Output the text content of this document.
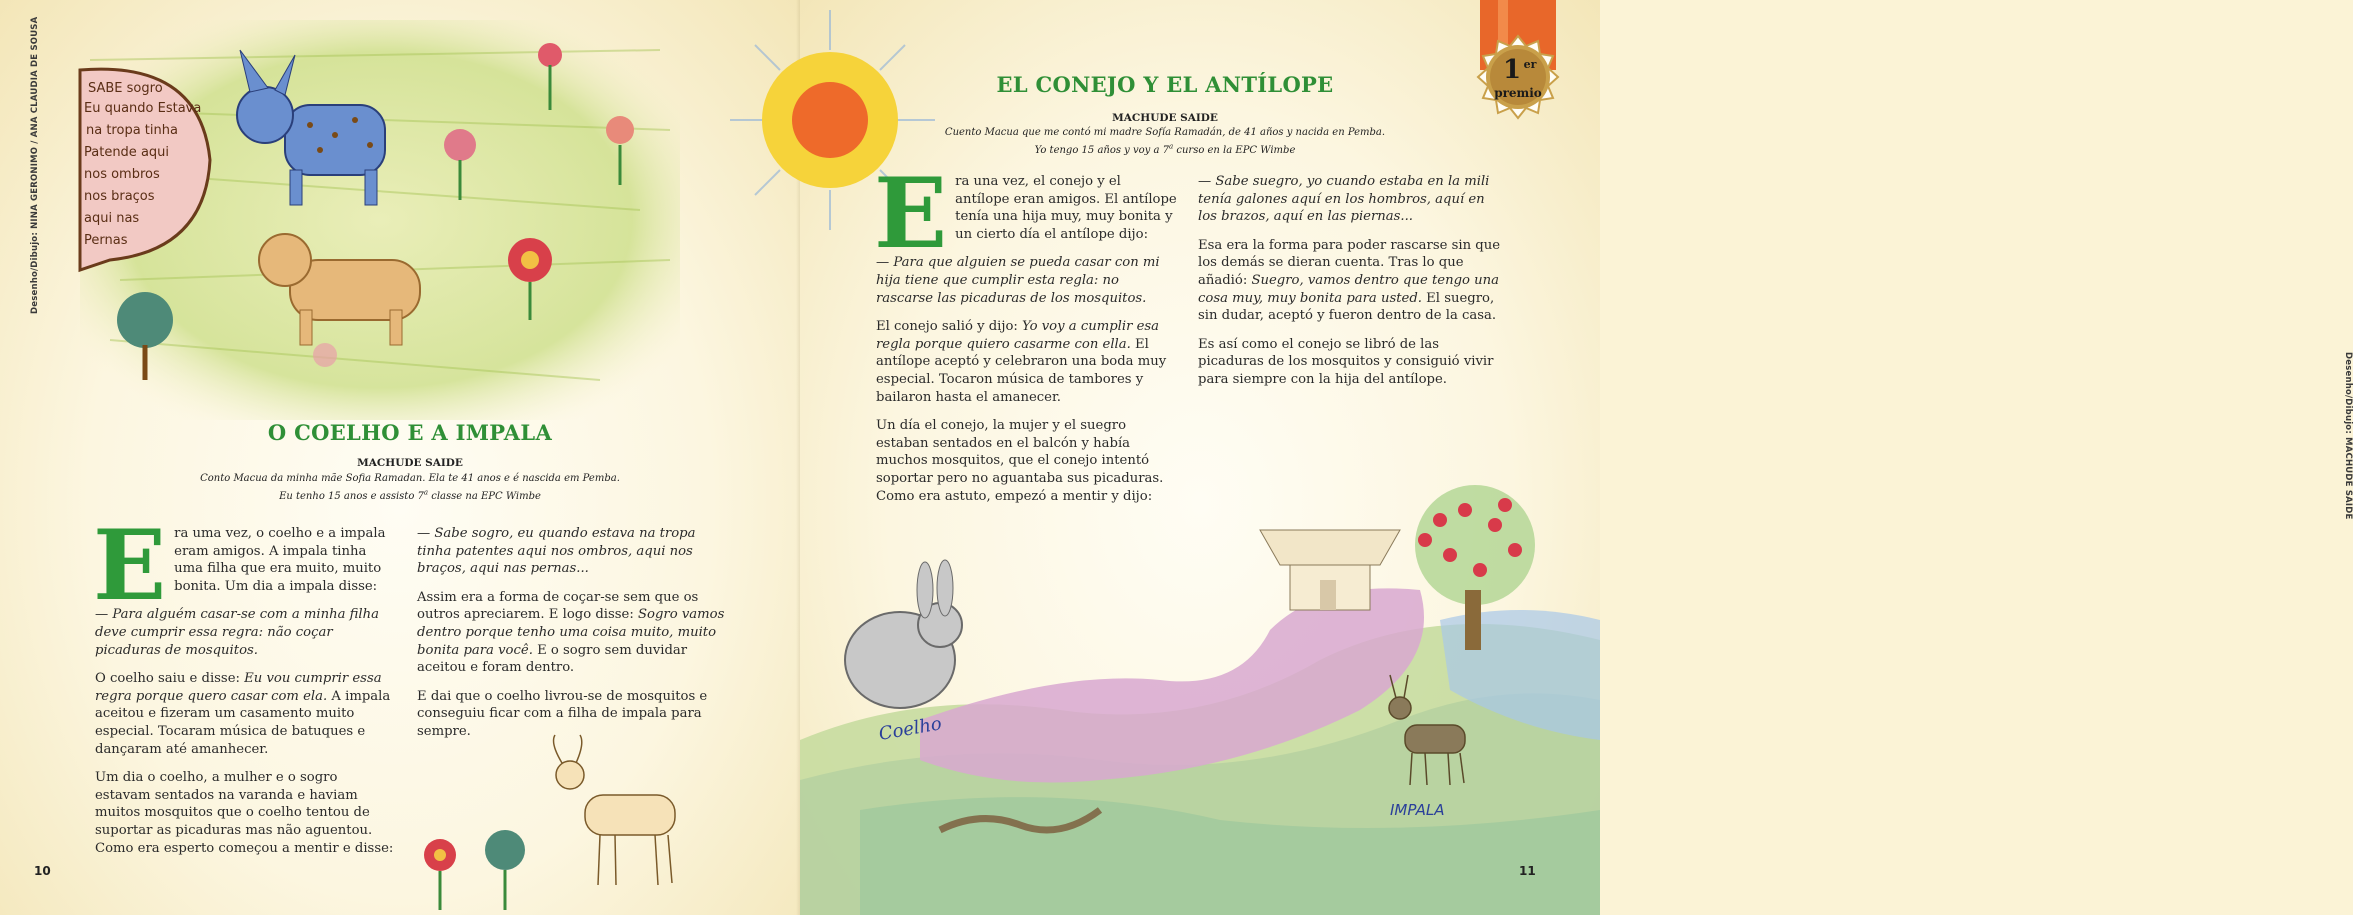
SABE sogro Eu quando Estava na tropa tinha Patende aqui nos ombros nos braços aqui nas Pernas
Desenho/Dibujo: NINA GERONIMO / ANA CLAUDIA DE SOUSA
O COELHO E A IMPALA
MACHUDE SAIDE
Conto Macua da minha mãe Sofia Ramadan. Ela te 41 anos e é nascida em Pemba.
Eu tenho 15 anos e assisto 7$^a$ classe na EPC Wimbe

Era uma vez, o coelho e a impala eram amigos. A impala tinha uma filha que era muito, muito bonita. Um dia a impala disse:

— Para alguém casar-se com a minha filha deve cumprir essa regra: não coçar picaduras de mosquitos.

O coelho saiu e disse: Eu vou cumprir essa regra porque quero casar com ela. A impala aceitou e fizeram um casamento muito especial. Tocaram música de batuques e dançaram até amanhecer.

Um dia o coelho, a mulher e o sogro estavam sentados na varanda e haviam muitos mosquitos que o coelho tentou de suportar as picaduras mas não aguentou. Como era esperto começou a mentir e disse:

— Sabe sogro, eu quando estava na tropa tinha patentes aqui nos ombros, aqui nos braços, aqui nas pernas...

Assim era a forma de coçar-se sem que os outros apreciarem. E logo disse: Sogro vamos dentro porque tenho uma coisa muito, muito bonita para você. E o sogro sem duvidar aceitou e foram dentro.

E dai que o coelho livrou-se de mosquitos e conseguiu ficar com a filha de impala para sempre.

10
1 er
premio
EL CONEJO Y EL ANTÍLOPE
MACHUDE SAIDE
Cuento Macua que me contó mi madre Sofía Ramadán, de 41 años y nacida en Pemba.
Yo tengo 15 años y voy a 7$^a$ curso en la EPC Wimbe

Era una vez, el conejo y el antílope eran amigos. El antílope tenía una hija muy, muy bonita y un cierto día el antílope dijo:

— Para que alguien se pueda casar con mi hija tiene que cumplir esta regla: no rascarse las picaduras de los mosquitos.

El conejo salió y dijo: Yo voy a cumplir esa regla porque quiero casarme con ella. El antílope aceptó y celebraron una boda muy especial. Tocaron música de tambores y bailaron hasta el amanecer.

Un día el conejo, la mujer y el suegro estaban sentados en el balcón y había muchos mosquitos, que el conejo intentó soportar pero no aguantaba sus picaduras. Como era astuto, empezó a mentir y dijo:

— Sabe suegro, yo cuando estaba en la mili tenía galones aquí en los hombros, aquí en los brazos, aquí en las piernas...

Esa era la forma para poder rascarse sin que los demás se dieran cuenta. Tras lo que añadió: Suegro, vamos dentro que tengo una cosa muy, muy bonita para usted. El suegro, sin dudar, aceptó y fueron dentro de la casa.

Es así como el conejo se libró de las picaduras de los mosquitos y consiguió vivir para siempre con la hija del antílope.

Coelho
IMPALA
Desenho/Dibujo: MACHUDE SAIDE
11
